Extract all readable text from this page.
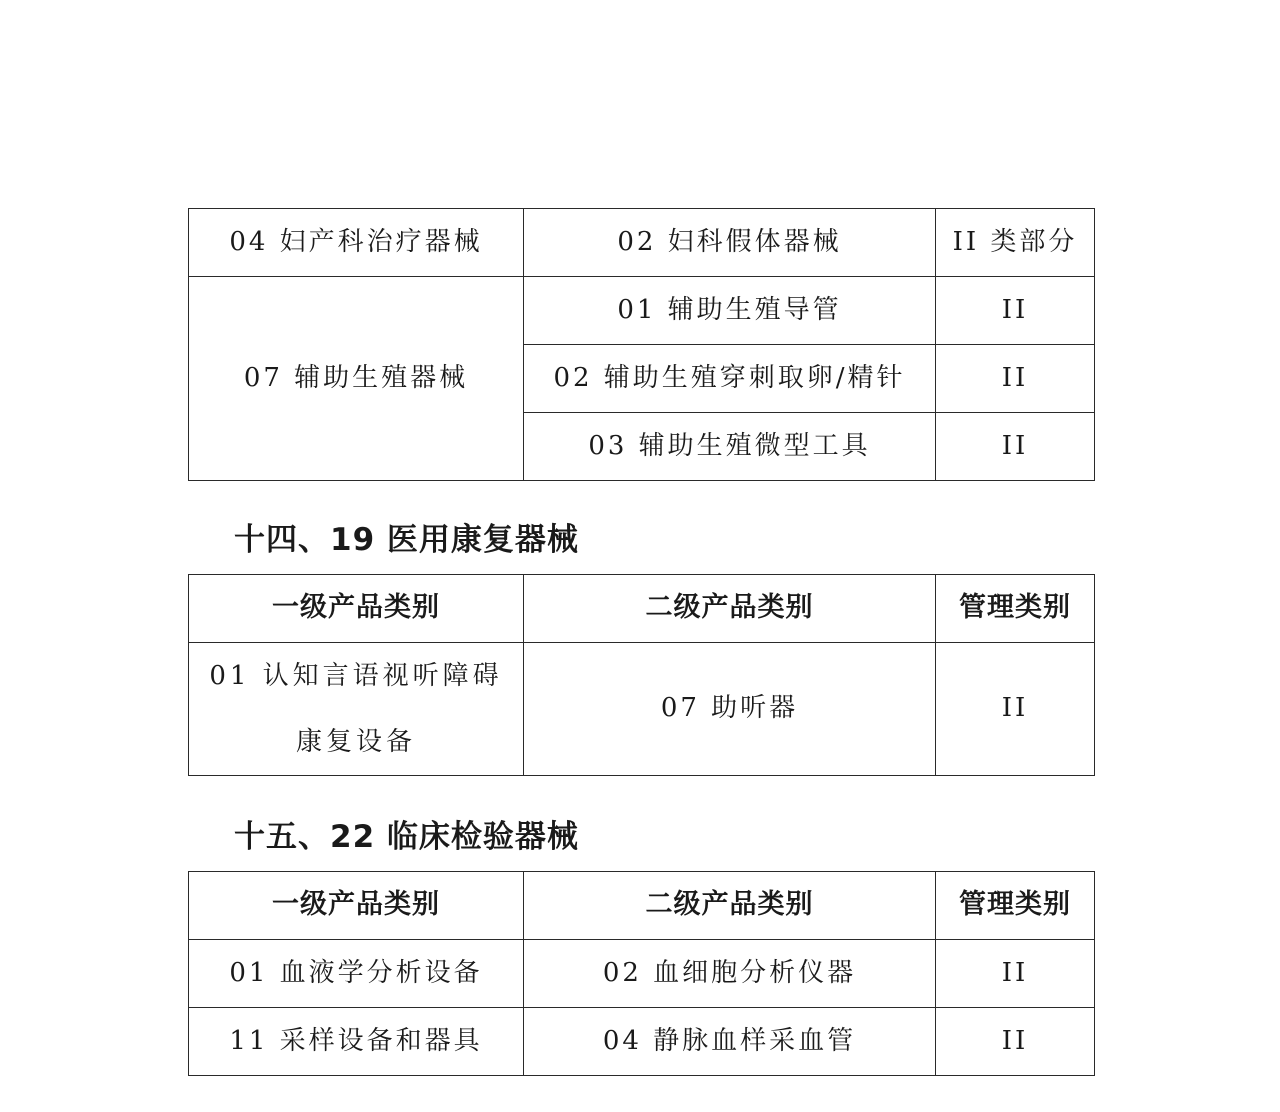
04 妇产科治疗器械	02 妇科假体器械	II 类部分
07 辅助生殖器械	01 辅助生殖导管	II
	02 辅助生殖穿刺取卵/精针	II
	03 辅助生殖微型工具	II
十四、19 医用康复器械
一级产品类别	二级产品类别	管理类别
01 认知言语视听障碍康复设备	07 助听器	II
十五、22 临床检验器械
一级产品类别	二级产品类别	管理类别
01 血液学分析设备	02 血细胞分析仪器	II
11 采样设备和器具	04 静脉血样采血管	II
